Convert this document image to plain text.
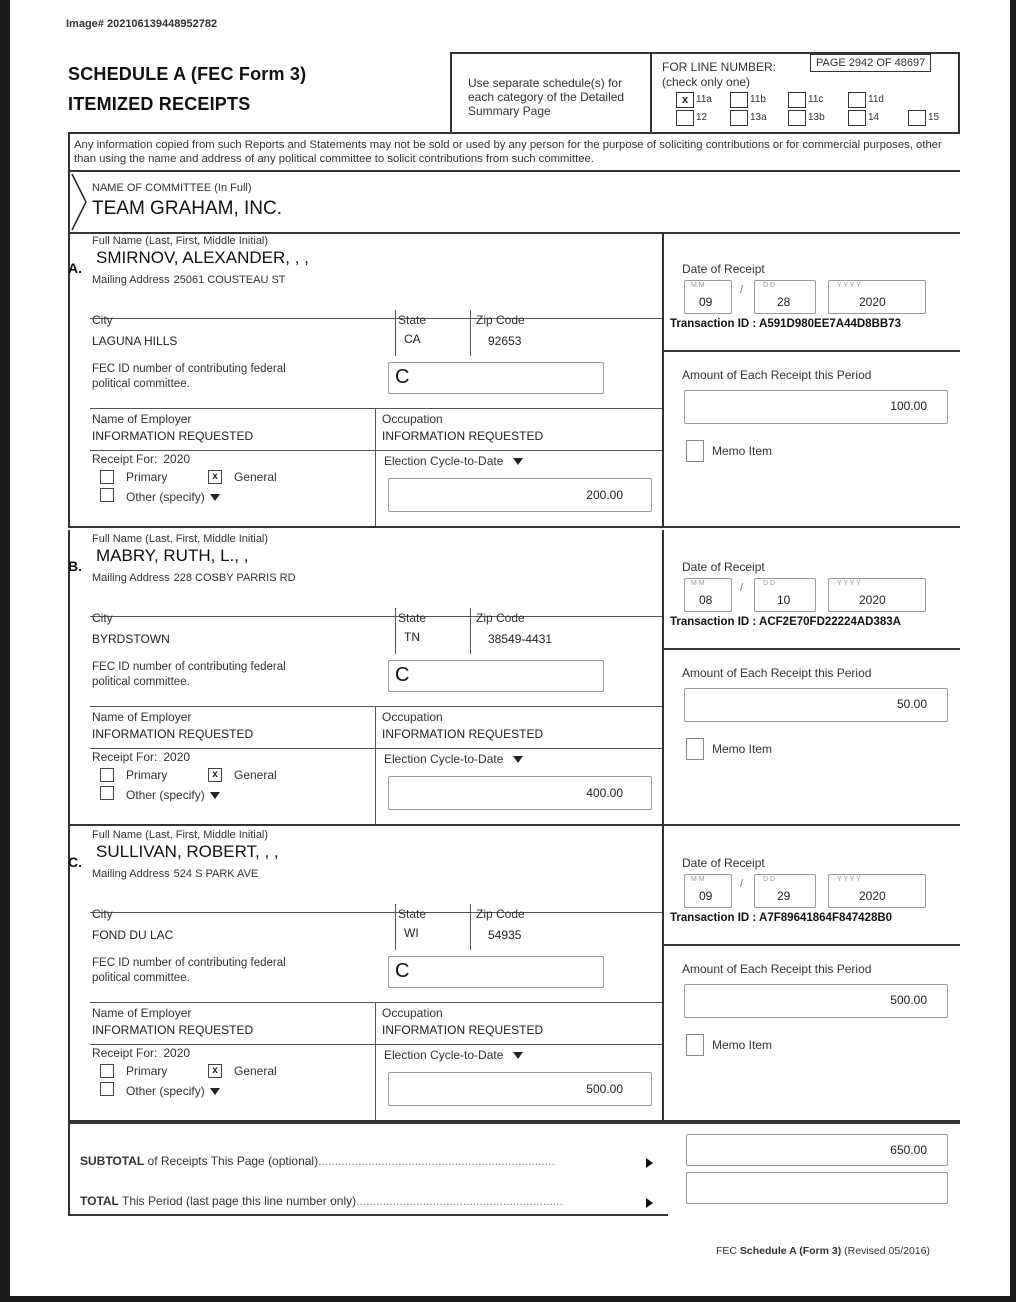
Image# 202106139448952782
SCHEDULE A (FEC Form 3)
ITEMIZED RECEIPTS
Use separate schedule(s) for each category of the Detailed Summary Page
FOR LINE NUMBER:
(check only one)
PAGE 2942 OF 48697
x 11a	11b	11c	11d
12	13a	13b	14	15
Any information copied from such Reports and Statements may not be sold or used by any person for the purpose of soliciting contributions or for commercial purposes, other than using the name and address of any political committee to solicit contributions from such committee.
NAME OF COMMITTEE (In Full)
TEAM GRAHAM, INC.
Full Name (Last, First, Middle Initial)
A.
SMIRNOV, ALEXANDER, , ,
Mailing Address 25061 COUSTEAU ST
City
LAGUNA HILLS
State
CA
Zip Code
92653
FEC ID number of contributing federal political committee.	C
Name of Employer
INFORMATION REQUESTED
Occupation
INFORMATION REQUESTED
Receipt For: 2020
Primary	x	General
Other (specify)
Election Cycle-to-Date
200.00
Date of Receipt
M M
09
/	D D
28
Y Y Y Y
2020
Transaction ID : A591D980EE7A44D8BB73
Amount of Each Receipt this Period
100.00
Memo Item
Full Name (Last, First, Middle Initial)
B.
MABRY, RUTH, L., ,
Mailing Address 228 COSBY PARRIS RD
City
BYRDSTOWN
State
TN
Zip Code
38549-4431
FEC ID number of contributing federal political committee.	C
Name of Employer
INFORMATION REQUESTED
Occupation
INFORMATION REQUESTED
Receipt For: 2020
Primary	x	General
Other (specify)
Election Cycle-to-Date
400.00
Date of Receipt
M M
08
/	D D
10
Y Y Y Y
2020
Transaction ID : ACF2E70FD22224AD383A
Amount of Each Receipt this Period
50.00
Memo Item
Full Name (Last, First, Middle Initial)
C.
SULLIVAN, ROBERT, , ,
Mailing Address 524 S PARK AVE
City
FOND DU LAC
State
WI
Zip Code
54935
FEC ID number of contributing federal political committee.	C
Name of Employer
INFORMATION REQUESTED
Occupation
INFORMATION REQUESTED
Receipt For: 2020
Primary	x	General
Other (specify)
Election Cycle-to-Date
500.00
Date of Receipt
M M
09
/	D D
29
Y Y Y Y
2020
Transaction ID : A7F89641864F847428B0
Amount of Each Receipt this Period
500.00
Memo Item
SUBTOTAL of Receipts This Page (optional).......................................................................
650.00
TOTAL This Period (last page this line number only)..............................................................
FEC Schedule A (Form 3) (Revised 05/2016)
